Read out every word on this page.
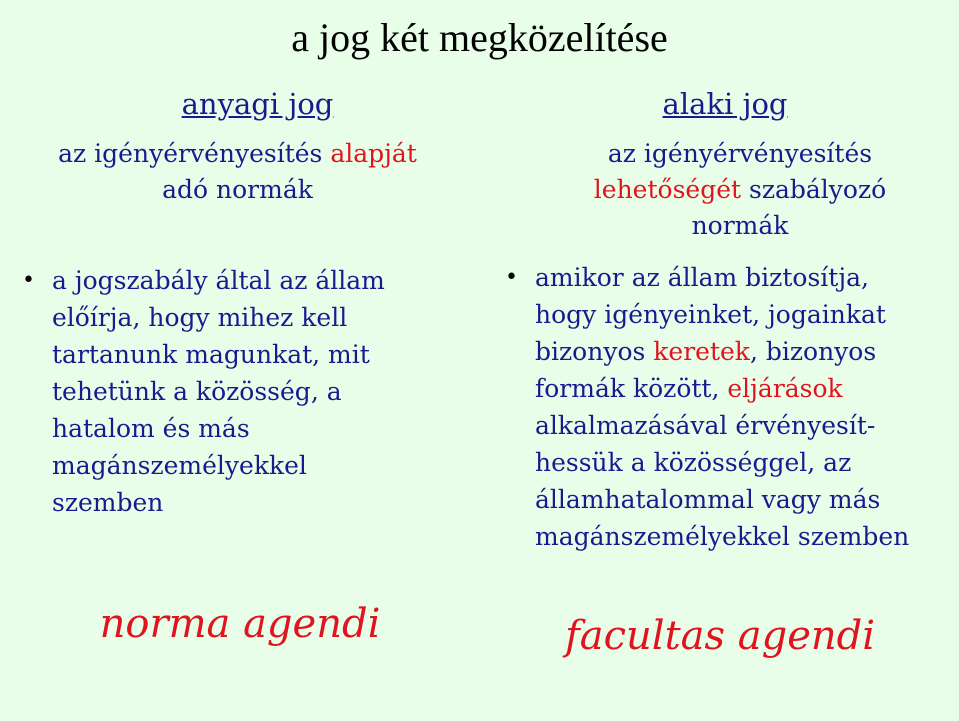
a jog két megközelítése
anyagi jog
az igényérvényesítés alapját
adó normák
• a jogszabály által az állam előírja, hogy mihez kell tartanunk magunkat, mit tehetünk a közösség, a hatalom és más magánszemélyekkel szemben
norma agendi
alaki jog
az igényérvényesítés
lehetőségét szabályozó
normák
• amikor az állam biztosítja, hogy igényeinket, jogainkat bizonyos keretek, bizonyos formák között, eljárások alkalmazásával érvényesít-hessük a közösséggel, az államhatalommal vagy más magánszemélyekkel szemben
facultas agendi
